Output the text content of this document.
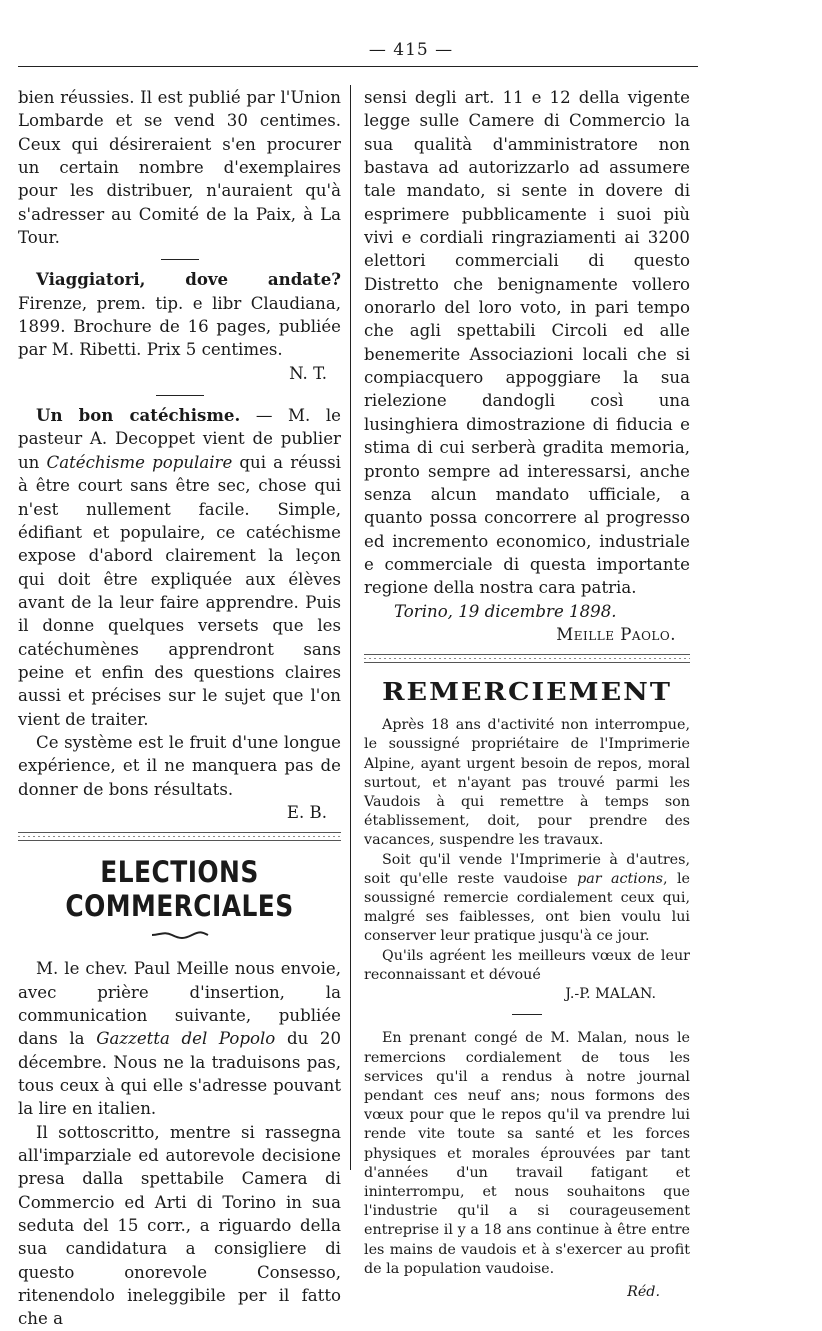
— 415 —

bien réussies. Il est publié par l'Union Lombarde et se vend 30 centimes. Ceux qui désireraient s'en procurer un certain nombre d'exemplaires pour les distribuer, n'auraient qu'à s'adresser au Comité de la Paix, à La Tour.

Viaggiatori, dove andate? Firenze, prem. tip. e libr Claudiana, 1899. Brochure de 16 pages, publiée par M. Ribetti. Prix 5 centimes.

N. T.

Un bon catéchisme. — M. le pasteur A. Decoppet vient de publier un Catéchisme populaire qui a réussi à être court sans être sec, chose qui n'est nullement facile. Simple, édifiant et populaire, ce catéchisme expose d'abord clairement la leçon qui doit être expliquée aux élèves avant de la leur faire apprendre. Puis il donne quelques versets que les catéchumènes apprendront sans peine et enfin des questions claires aussi et précises sur le sujet que l'on vient de traiter.

Ce système est le fruit d'une longue expérience, et il ne manquera pas de donner de bons résultats.

E. B.

ELECTIONS COMMERCIALES

M. le chev. Paul Meille nous envoie, avec prière d'insertion, la communication suivante, publiée dans la Gazzetta del Popolo du 20 décembre. Nous ne la traduisons pas, tous ceux à qui elle s'adresse pouvant la lire en italien.

Il sottoscritto, mentre si rassegna all'imparziale ed autorevole decisione presa dalla spettabile Camera di Commercio ed Arti di Torino in sua seduta del 15 corr., a riguardo della sua candidatura a consigliere di questo onorevole Consesso, ritenendolo ineleggibile per il fatto che a

sensi degli art. 11 e 12 della vigente legge sulle Camere di Commercio la sua qualità d'amministratore non bastava ad autorizzarlo ad assumere tale mandato, si sente in dovere di esprimere pubblicamente i suoi più vivi e cordiali ringraziamenti ai 3200 elettori commerciali di questo Distretto che benignamente vollero onorarlo del loro voto, in pari tempo che agli spettabili Circoli ed alle benemerite Associazioni locali che si compiacquero appoggiare la sua rielezione dandogli così una lusinghiera dimostrazione di fiducia e stima di cui serberà gradita memoria, pronto sempre ad interessarsi, anche senza alcun mandato ufficiale, a quanto possa concorrere al progresso ed incremento economico, industriale e commerciale di questa importante regione della nostra cara patria.

Torino, 19 dicembre 1898.

Meille Paolo.

REMERCIEMENT

Après 18 ans d'activité non interrompue, le soussigné propriétaire de l'Imprimerie Alpine, ayant urgent besoin de repos, moral surtout, et n'ayant pas trouvé parmi les Vaudois à qui remettre à temps son établissement, doit, pour prendre des vacances, suspendre les travaux.

Soit qu'il vende l'Imprimerie à d'autres, soit qu'elle reste vaudoise par actions, le soussigné remercie cordialement ceux qui, malgré ses faiblesses, ont bien voulu lui conserver leur pratique jusqu'à ce jour.

Qu'ils agréent les meilleurs vœux de leur reconnaissant et dévoué

J.-P. MALAN.

En prenant congé de M. Malan, nous le remercions cordialement de tous les services qu'il a rendus à notre journal pendant ces neuf ans; nous formons des vœux pour que le repos qu'il va prendre lui rende vite toute sa santé et les forces physiques et morales éprouvées par tant d'années d'un travail fatigant et ininterrompu, et nous souhaitons que l'industrie qu'il a si courageusement entreprise il y a 18 ans continue à être entre les mains de vaudois et à s'exercer au profit de la population vaudoise.

Réd.
